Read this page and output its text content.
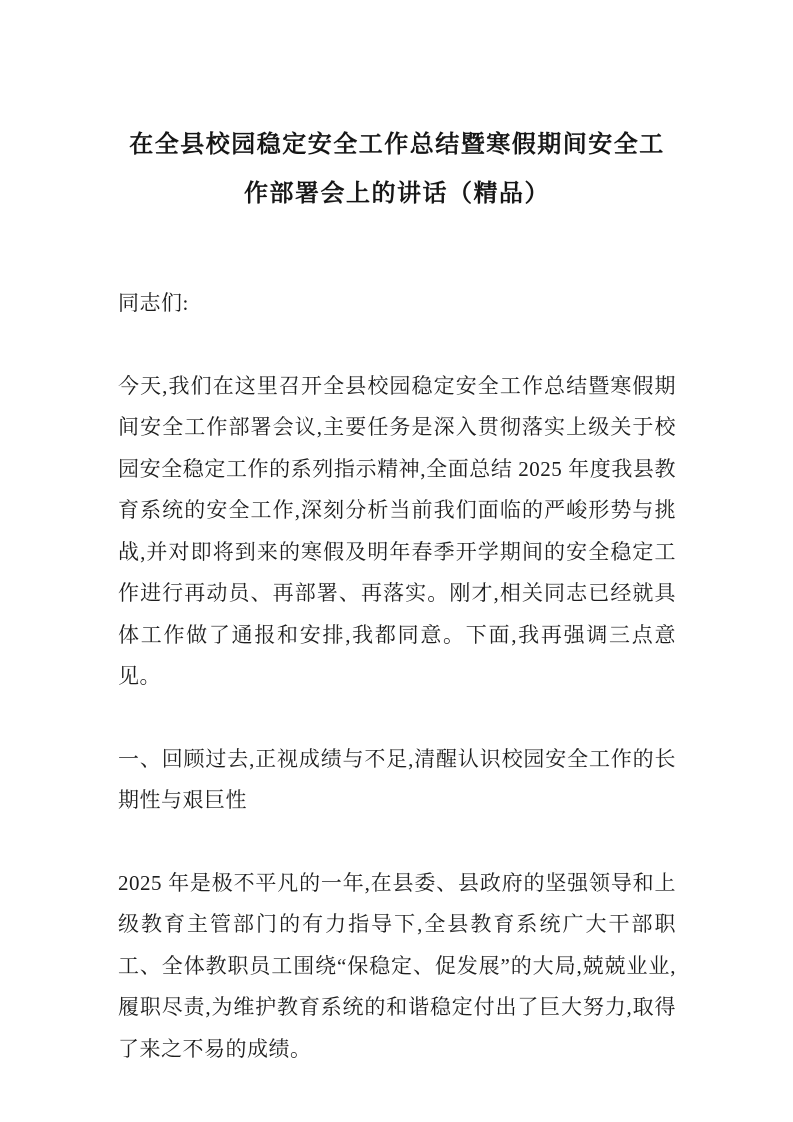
在全县校园稳定安全工作总结暨寒假期间安全工作部署会上的讲话（精品）

同志们:

今天,我们在这里召开全县校园稳定安全工作总结暨寒假期间安全工作部署会议,主要任务是深入贯彻落实上级关于校园安全稳定工作的系列指示精神,全面总结 2025 年度我县教育系统的安全工作,深刻分析当前我们面临的严峻形势与挑战,并对即将到来的寒假及明年春季开学期间的安全稳定工作进行再动员、再部署、再落实。刚才,相关同志已经就具体工作做了通报和安排,我都同意。下面,我再强调三点意见。

一、回顾过去,正视成绩与不足,清醒认识校园安全工作的长期性与艰巨性

2025 年是极不平凡的一年,在县委、县政府的坚强领导和上级教育主管部门的有力指导下,全县教育系统广大干部职工、全体教职员工围绕“保稳定、促发展”的大局,兢兢业业,履职尽责,为维护教育系统的和谐稳定付出了巨大努力,取得了来之不易的成绩。
